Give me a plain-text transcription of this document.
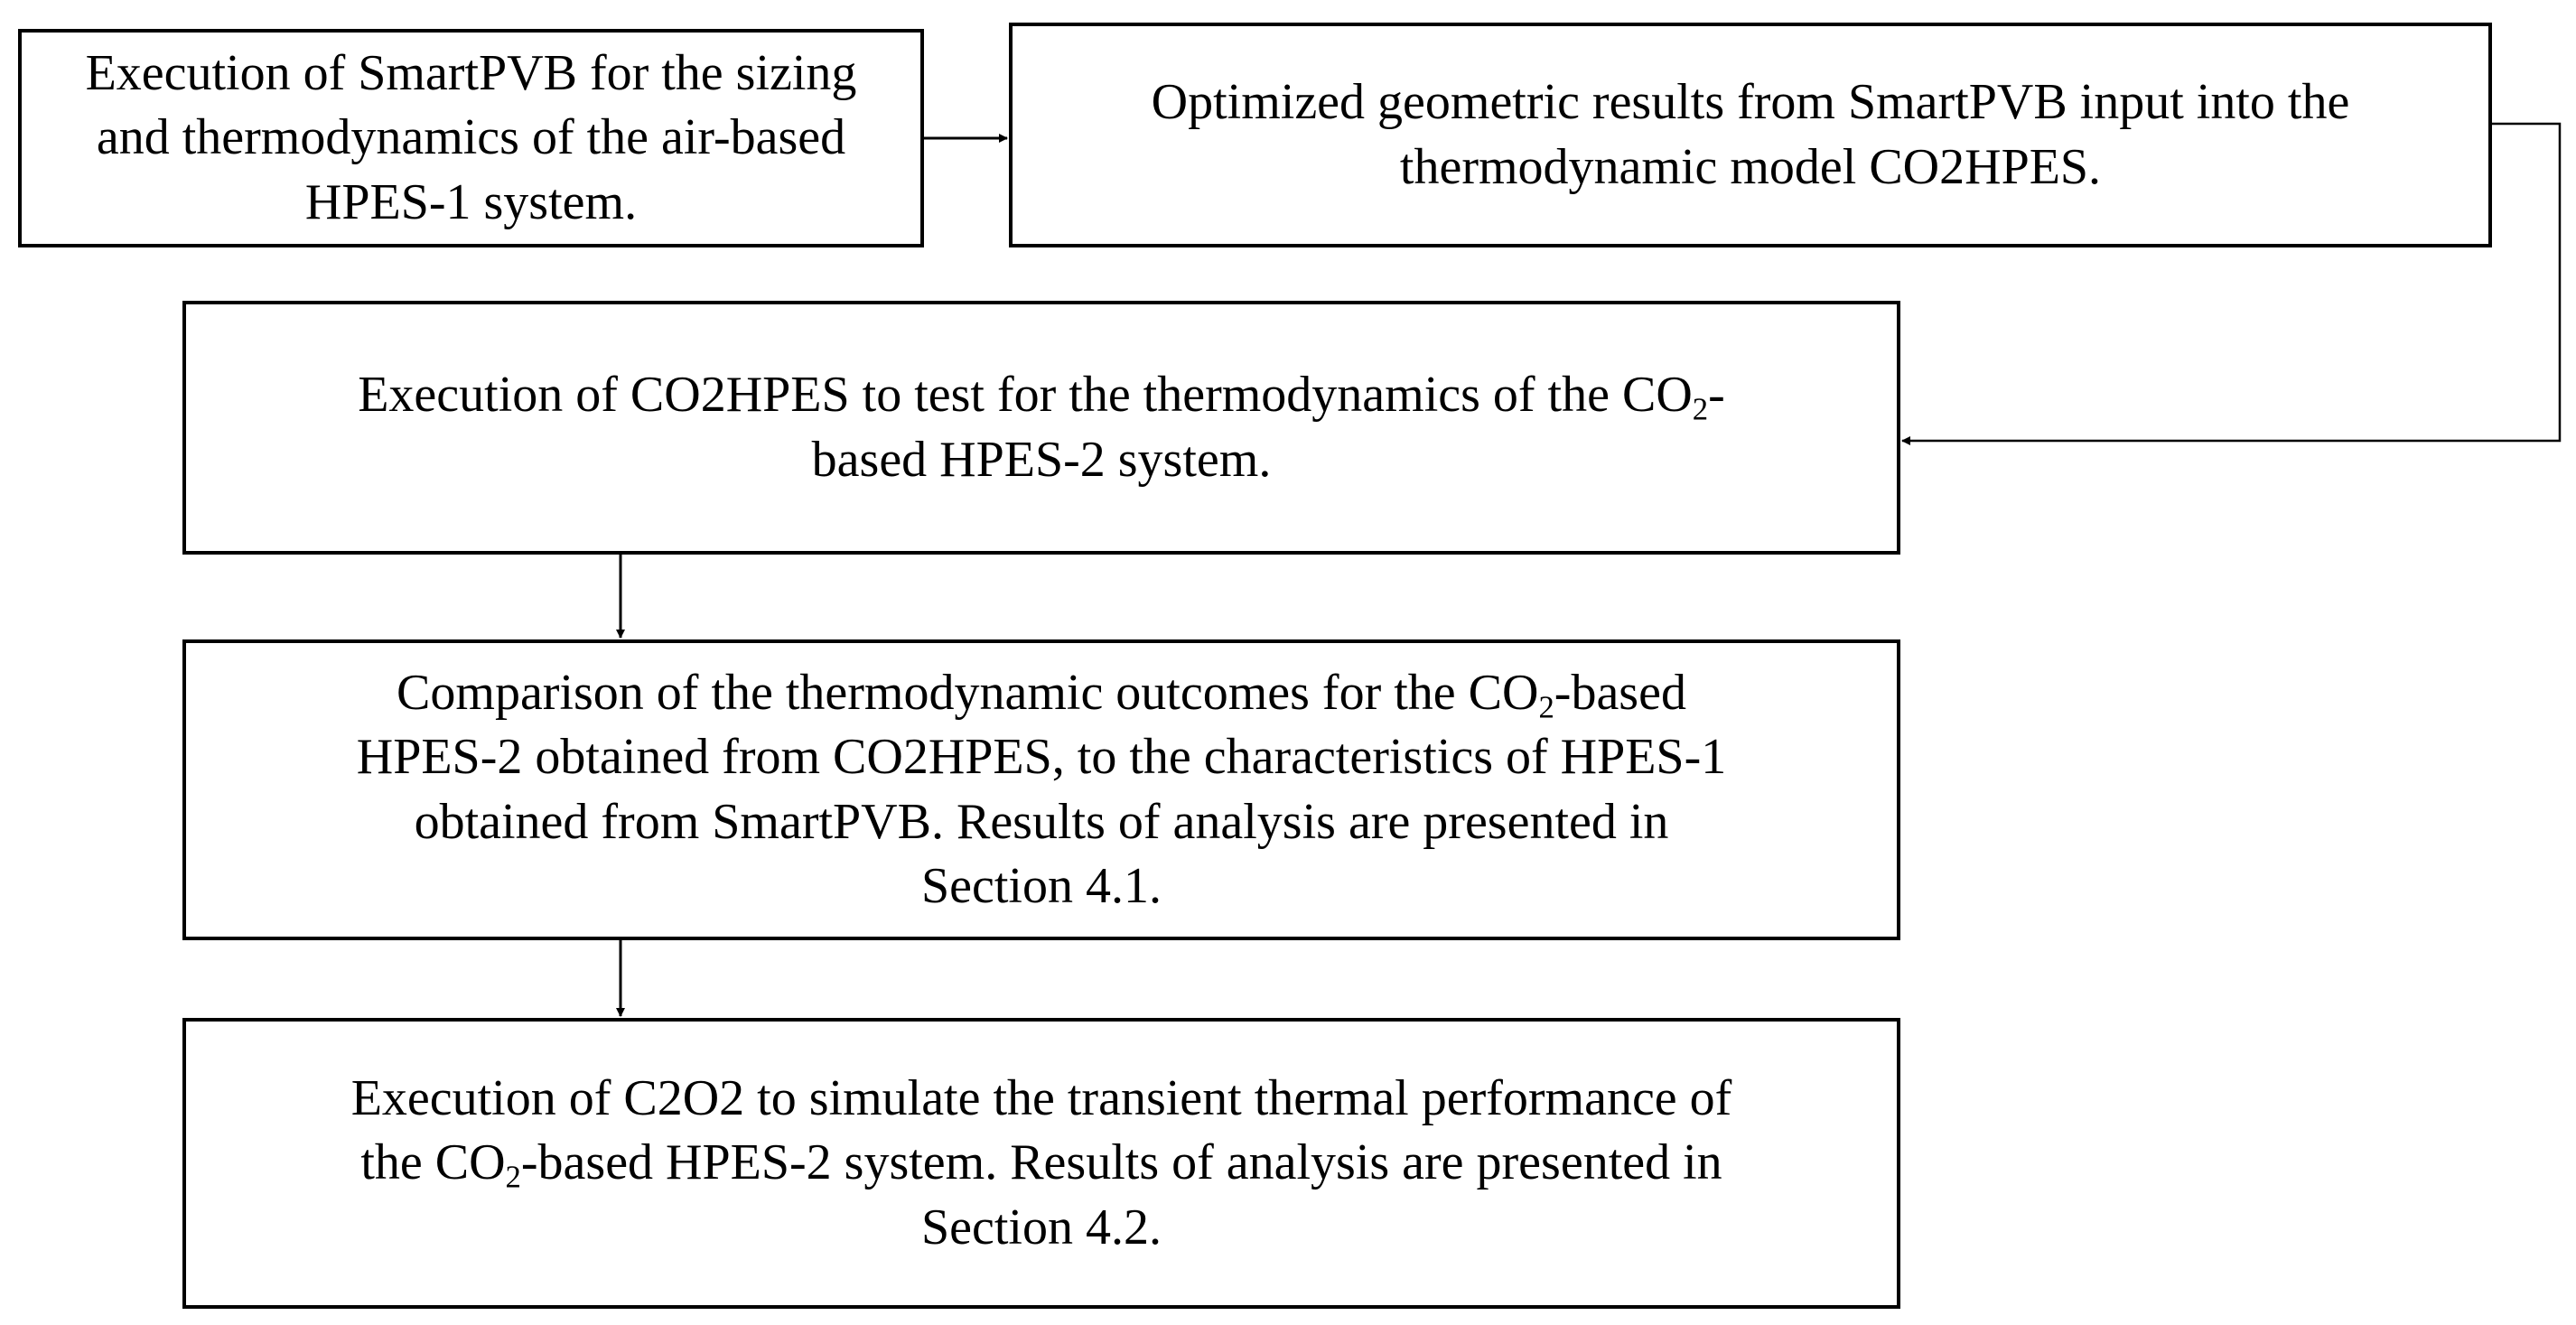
Execution of SmartPVB for the sizing
and thermodynamics of the air-based
HPES-1 system.

Optimized geometric results from SmartPVB input into the
thermodynamic model CO2HPES.

Execution of CO2HPES to test for the thermodynamics of the $CO_2-$
based HPES-2 system.

Comparison of the thermodynamic outcomes for the $CO_2$-based
HPES-2 obtained from CO2HPES, to the characteristics of HPES-1
obtained from SmartPVB. Results of analysis are presented in
Section 4.1.

Execution of C2O2 to simulate the transient thermal performance of
the $CO_2$-based HPES-2 system. Results of analysis are presented in
Section 4.2.
